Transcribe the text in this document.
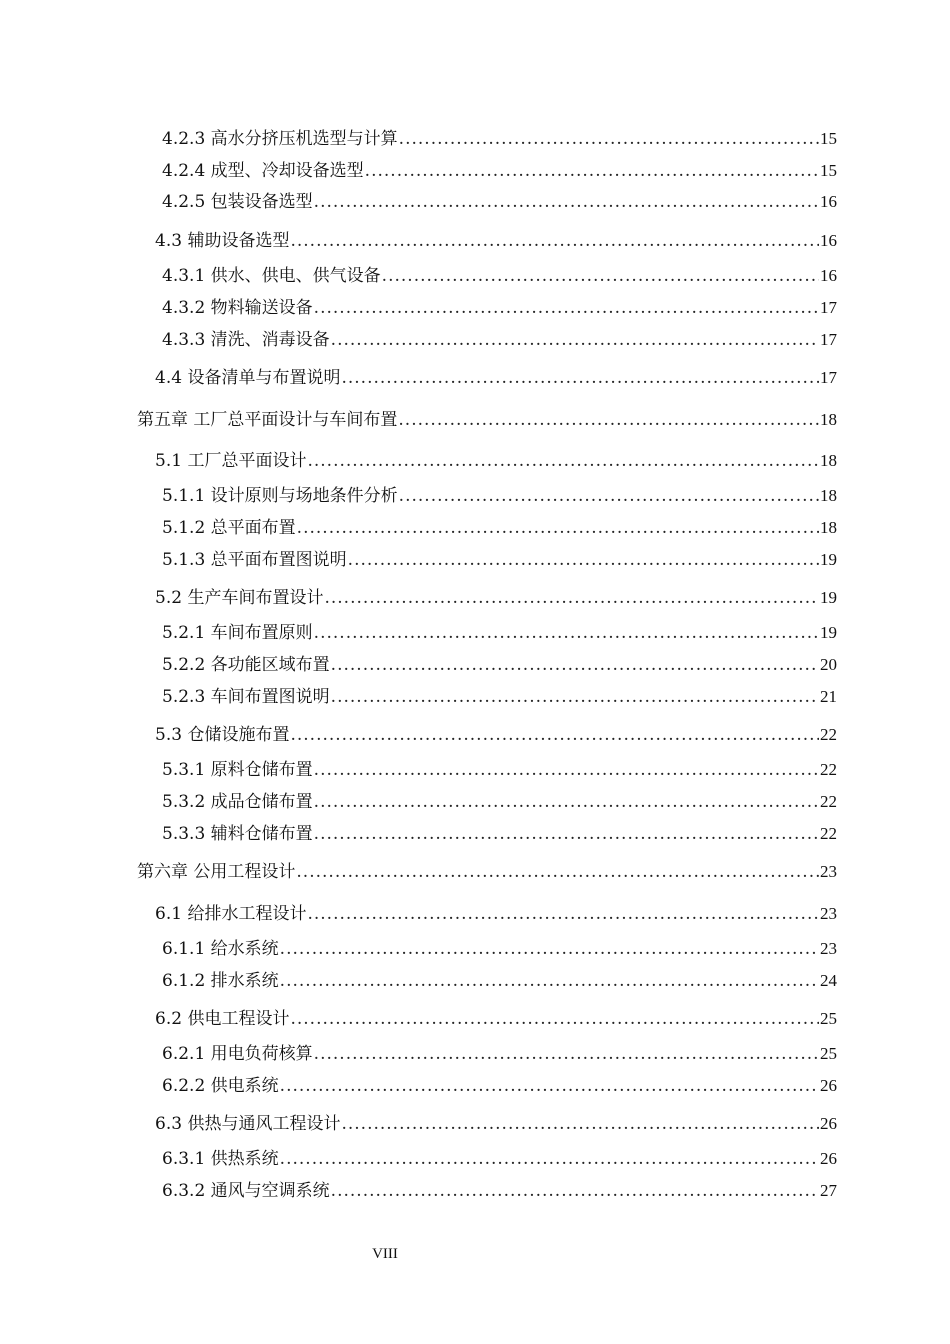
4.2.3 高水分挤压机选型与计算 .....	15
4.2.4 成型、冷却设备选型 .....	15
4.2.5 包装设备选型 .....	16
4.3 辅助设备选型 .....	16
4.3.1 供水、供电、供气设备 .....	16
4.3.2 物料输送设备 .....	17
4.3.3 清洗、消毒设备 .....	17
4.4 设备清单与布置说明 .....	17
第五章 工厂总平面设计与车间布置 .....	18
5.1 工厂总平面设计 .....	18
5.1.1 设计原则与场地条件分析 .....	18
5.1.2 总平面布置 .....	18
5.1.3 总平面布置图说明 .....	19
5.2 生产车间布置设计 .....	19
5.2.1 车间布置原则 .....	19
5.2.2 各功能区域布置 .....	20
5.2.3 车间布置图说明 .....	21
5.3 仓储设施布置 .....	22
5.3.1 原料仓储布置 .....	22
5.3.2 成品仓储布置 .....	22
5.3.3 辅料仓储布置 .....	22
第六章 公用工程设计 .....	23
6.1 给排水工程设计 .....	23
6.1.1 给水系统 .....	23
6.1.2 排水系统 .....	24
6.2 供电工程设计 .....	25
6.2.1 用电负荷核算 .....	25
6.2.2 供电系统 .....	26
6.3 供热与通风工程设计 .....	26
6.3.1 供热系统 .....	26
6.3.2 通风与空调系统 .....	27
VIII
